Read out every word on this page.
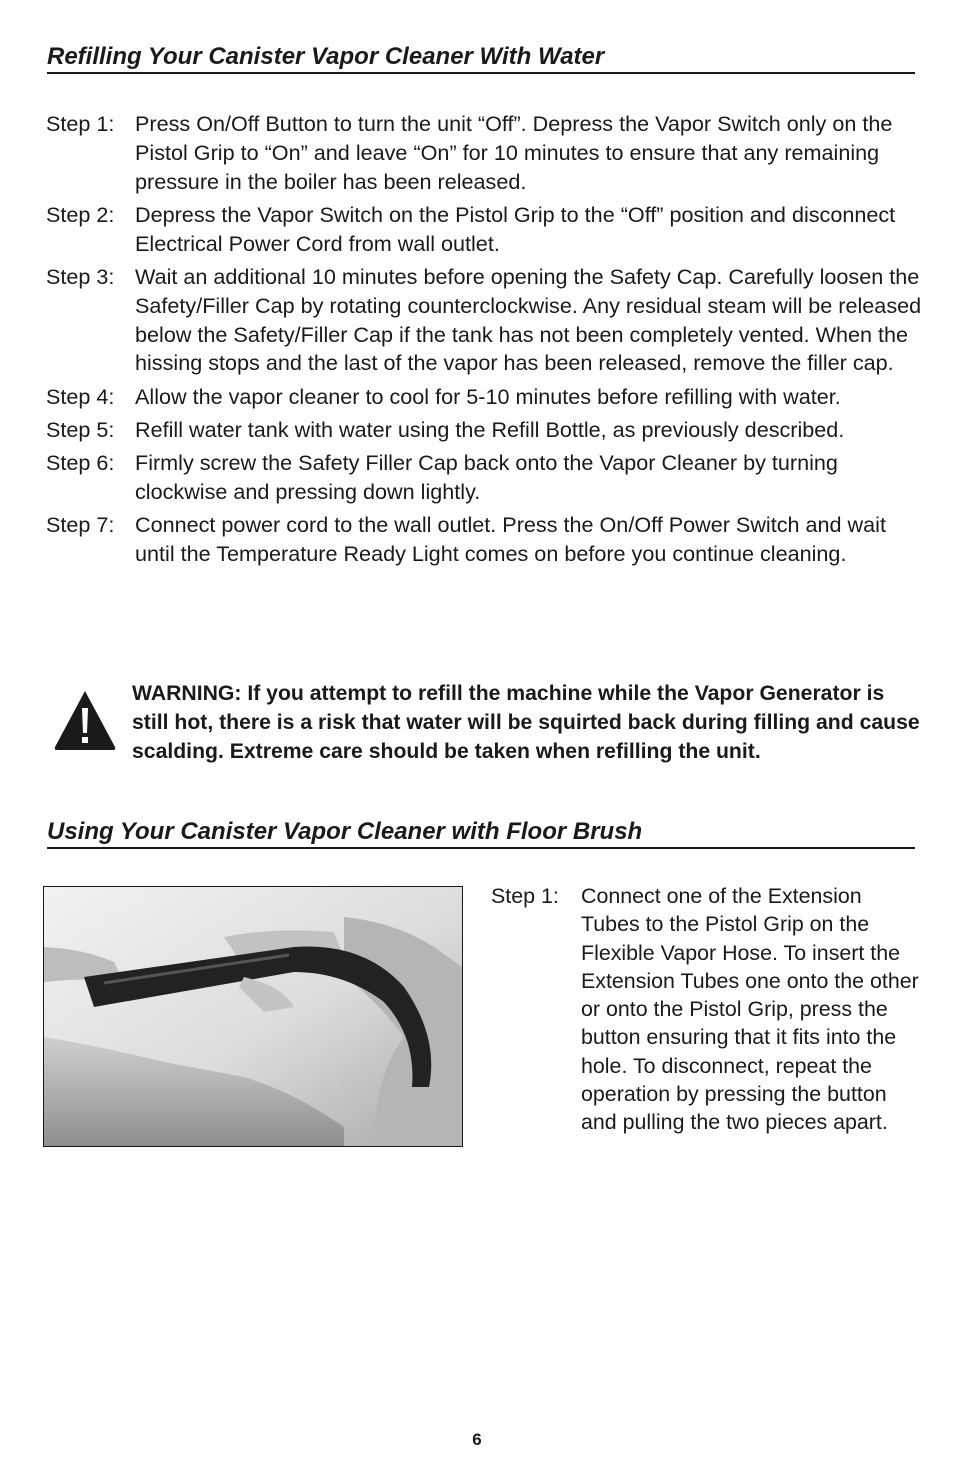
Refilling Your Canister Vapor Cleaner With Water
Step 1: Press On/Off Button to turn the unit “Off”. Depress the Vapor Switch only on the Pistol Grip to “On” and leave “On” for 10 minutes to ensure that any remaining pressure in the boiler has been released.
Step 2: Depress the Vapor Switch on the Pistol Grip to the “Off” position and disconnect Electrical Power Cord from wall outlet.
Step 3: Wait an additional 10 minutes before opening the Safety Cap. Carefully loosen the Safety/Filler Cap by rotating counterclockwise. Any residual steam will be released below the Safety/Filler Cap if the tank has not been completely vented. When the hissing stops and the last of the vapor has been released, remove the filler cap.
Step 4: Allow the vapor cleaner to cool for 5-10 minutes before refilling with water.
Step 5: Refill water tank with water using the Refill Bottle, as previously described.
Step 6: Firmly screw the Safety Filler Cap back onto the Vapor Cleaner by turning clockwise and pressing down lightly.
Step 7: Connect power cord to the wall outlet. Press the On/Off Power Switch and wait until the Temperature Ready Light comes on before you continue cleaning.
WARNING: If you attempt to refill the machine while the Vapor Generator is still hot, there is a risk that water will be squirted back during filling and cause scalding. Extreme care should be taken when refilling the unit.
Using Your Canister Vapor Cleaner with Floor Brush
Step 1:	Connect one of the Extension Tubes to the Pistol Grip on the Flexible Vapor Hose. To insert the Extension Tubes one onto the other or onto the Pistol Grip, press the button ensuring that it fits into the hole. To disconnect, repeat the operation by pressing the button and pulling the two pieces apart.
6
